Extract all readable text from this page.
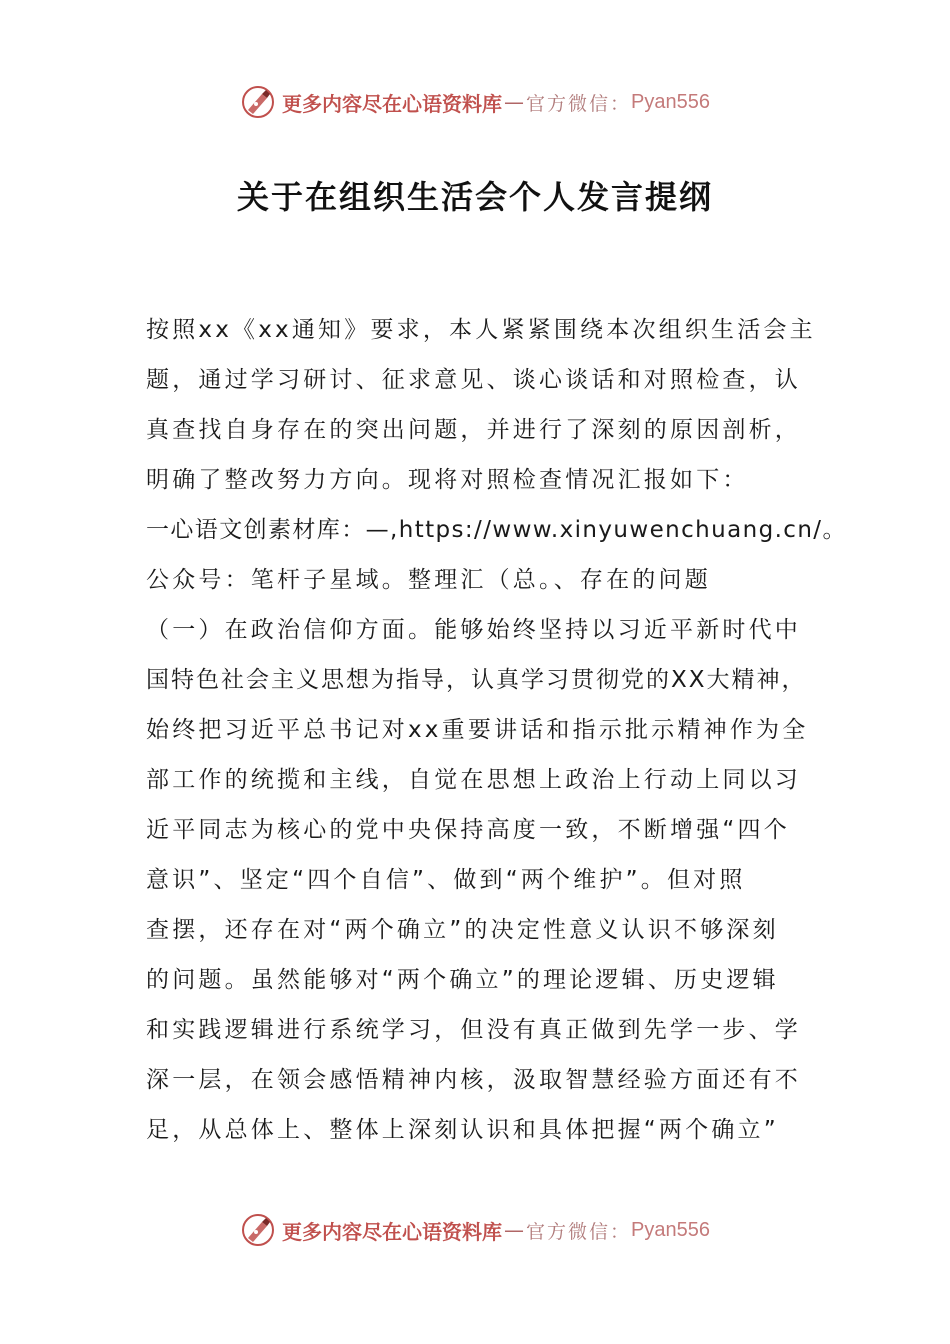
更多内容尽在心语资料库 — 官方微信： Pyan556
关于在组织生活会个人发言提纲
按照xx《xx通知》要求，本人紧紧围绕本次组织生活会主
题，通过学习研讨、征求意见、谈心谈话和对照检查，认
真查找自身存在的突出问题，并进行了深刻的原因剖析，
明确了整改努力方向。现将对照检查情况汇报如下：
一心语文创素材库：—,https://www.xinyuwenchuang.cn/。
公众号：笔杆子星域。整理汇（总。、存在的问题
（一）在政治信仰方面。能够始终坚持以习近平新时代中
国特色社会主义思想为指导，认真学习贯彻党的XX大精神，
始终把习近平总书记对xx重要讲话和指示批示精神作为全
部工作的统揽和主线，自觉在思想上政治上行动上同以习
近平同志为核心的党中央保持高度一致，不断增强“四个
意识”、坚定“四个自信”、做到“两个维护”。但对照
查摆，还存在对“两个确立”的决定性意义认识不够深刻
的问题。虽然能够对“两个确立”的理论逻辑、历史逻辑
和实践逻辑进行系统学习，但没有真正做到先学一步、学
深一层，在领会感悟精神内核，汲取智慧经验方面还有不
足，从总体上、整体上深刻认识和具体把握“两个确立”
更多内容尽在心语资料库 — 官方微信： Pyan556
